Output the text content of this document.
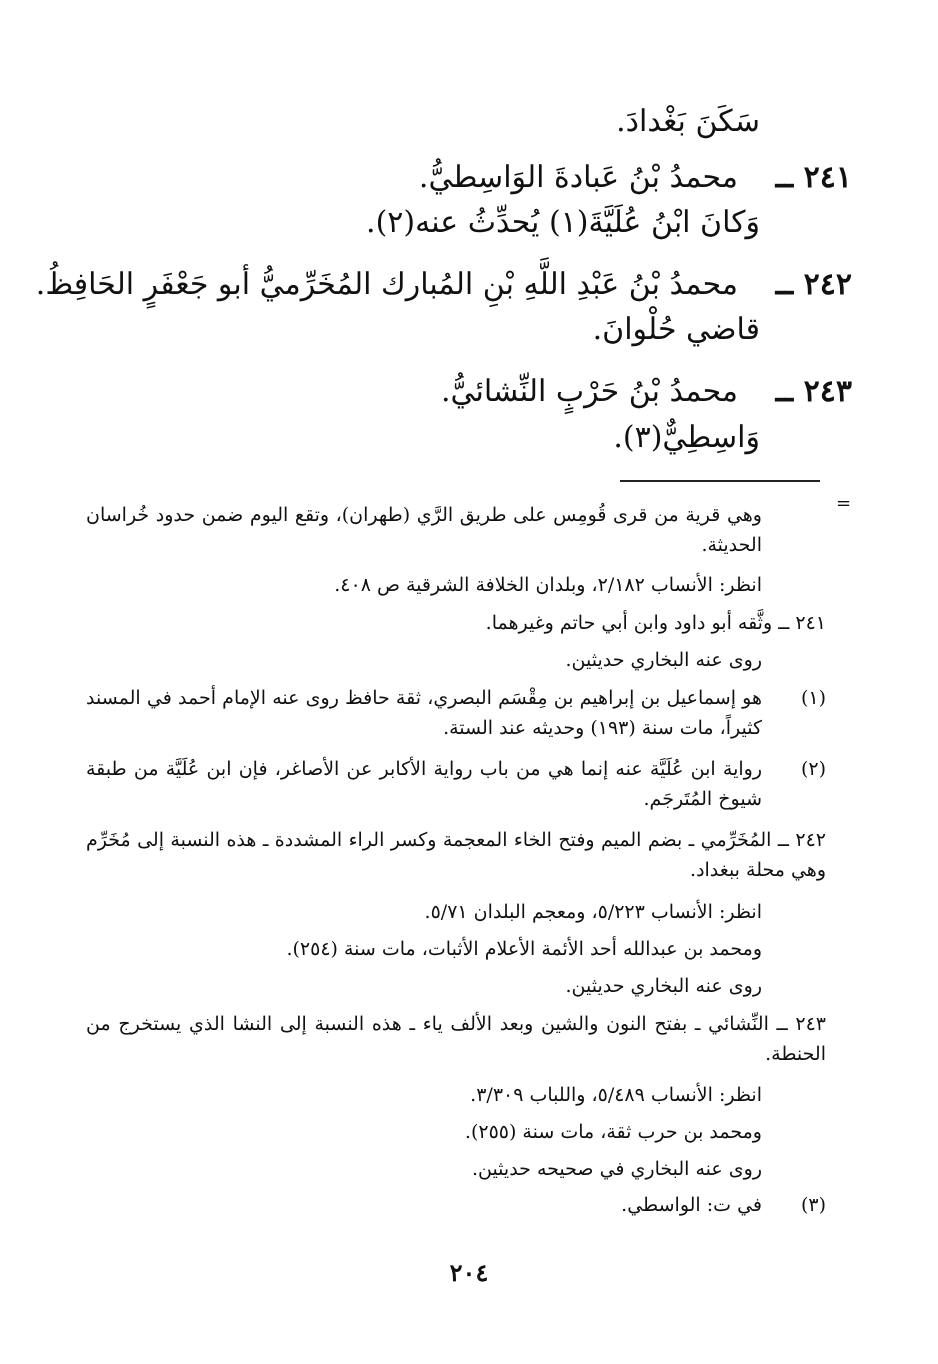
سَكَنَ بَغْدادَ.
٢٤١ ــ
محمدُ بْنُ عَبادةَ الوَاسِطيُّ.
وَكانَ ابْنُ عُلَيَّةَ(١) يُحدِّثُ عنه(٢).
٢٤٢ ــ
محمدُ بْنُ عَبْدِ اللَّهِ بْنِ المُبارك المُخَرِّميُّ أبو جَعْفَرٍ الحَافِظُ.
قاضي حُلْوانَ.
٢٤٣ ــ
محمدُ بْنُ حَرْبٍ النِّشائيُّ.
وَاسِطِيٌّ(٣).
=
وهي قرية من قرى قُومِس على طريق الرَّي (طهران)، وتقع اليوم ضمن حدود خُراسان الحديثة.
انظر: الأنساب ٢/١٨٢، وبلدان الخلافة الشرقية ص ٤٠٨.
٢٤١ ــ وثَّقه أبو داود وابن أبي حاتم وغيرهما.
روى عنه البخاري حديثين.
(١)
هو إسماعيل بن إبراهيم بن مِقْسَم البصري، ثقة حافظ روى عنه الإمام أحمد في المسند كثيراً، مات سنة (١٩٣) وحديثه عند الستة.
(٢)
رواية ابن عُلَيَّة عنه إنما هي من باب رواية الأكابر عن الأصاغر، فإن ابن عُلَيَّة من طبقة شيوخ المُتَرجَم.
٢٤٢ ــ المُخَرِّمي ـ بضم الميم وفتح الخاء المعجمة وكسر الراء المشددة ـ هذه النسبة إلى مُخَرِّم وهي محلة ببغداد.
انظر: الأنساب ٥/٢٢٣، ومعجم البلدان ٥/٧١.
ومحمد بن عبدالله أحد الأئمة الأعلام الأثبات، مات سنة (٢٥٤).
روى عنه البخاري حديثين.
٢٤٣ ــ النِّشائي ـ بفتح النون والشين وبعد الألف ياء ـ هذه النسبة إلى النشا الذي يستخرج من الحنطة.
انظر: الأنساب ٥/٤٨٩، واللباب ٣/٣٠٩.
ومحمد بن حرب ثقة، مات سنة (٢٥٥).
روى عنه البخاري في صحيحه حديثين.
(٣)
في ت: الواسطي.
٢٠٤
